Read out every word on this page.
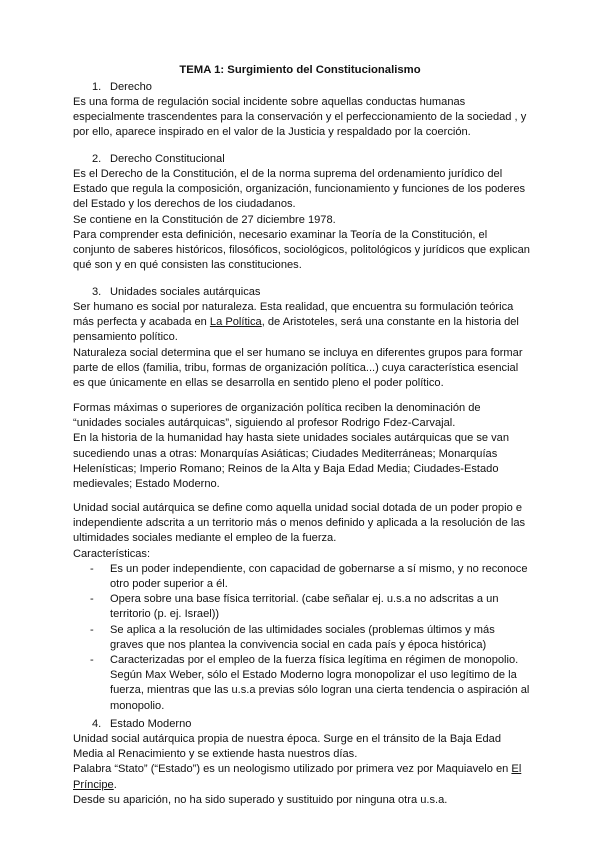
TEMA 1: Surgimiento del Constitucionalismo

1. Derecho

Es una forma de regulación social incidente sobre aquellas conductas humanas especialmente trascendentes para la conservación y el perfeccionamiento de la sociedad , y por ello, aparece inspirado en el valor de la Justicia y respaldado por la coerción.

2. Derecho Constitucional

Es el Derecho de la Constitución, el de la norma suprema del ordenamiento jurídico del Estado que regula la composición, organización, funcionamiento y funciones de los poderes del Estado y los derechos de los ciudadanos.

Se contiene en la Constitución de 27 diciembre 1978.

Para comprender esta definición, necesario examinar la Teoría de la Constitución, el conjunto de saberes históricos, filosóficos, sociológicos, politológicos y jurídicos que explican qué son y en qué consisten las constituciones.

3. Unidades sociales autárquicas

Ser humano es social por naturaleza. Esta realidad, que encuentra su formulación teórica más perfecta y acabada en La Política, de Aristoteles, será una constante en la historia del pensamiento político.

Naturaleza social determina que el ser humano se incluya en diferentes grupos para formar parte de ellos (familia, tribu, formas de organización política...) cuya característica esencial es que únicamente en ellas se desarrolla en sentido pleno el poder político.

Formas máximas o superiores de organización política reciben la denominación de “unidades sociales autárquicas”, siguiendo al profesor Rodrigo Fdez-Carvajal.

En la historia de la humanidad hay hasta siete unidades sociales autárquicas que se van sucediendo unas a otras: Monarquías Asiáticas; Ciudades Mediterráneas; Monarquías Helenísticas; Imperio Romano; Reinos de la Alta y Baja Edad Media; Ciudades-Estado medievales; Estado Moderno.

Unidad social autárquica se define como aquella unidad social dotada de un poder propio e independiente adscrita a un territorio más o menos definido y aplicada a la resolución de las ultimidades sociales mediante el empleo de la fuerza.

Características:

- Es un poder independiente, con capacidad de gobernarse a sí mismo, y no reconoce otro poder superior a él.
- Opera sobre una base física territorial. (cabe señalar ej. u.s.a no adscritas a un territorio (p. ej. Israel))
- Se aplica a la resolución de las ultimidades sociales (problemas últimos y más graves que nos plantea la convivencia social en cada país y época histórica)
- Caracterizadas por el empleo de la fuerza física legítima en régimen de monopolio. Según Max Weber, sólo el Estado Moderno logra monopolizar el uso legítimo de la fuerza, mientras que las u.s.a previas sólo logran una cierta tendencia o aspiración al monopolio.

4. Estado Moderno

Unidad social autárquica propia de nuestra época. Surge en el tránsito de la Baja Edad Media al Renacimiento y se extiende hasta nuestros días.

Palabra “Stato” (“Estado”) es un neologismo utilizado por primera vez por Maquiavelo en El Príncipe.

Desde su aparición, no ha sido superado y sustituido por ninguna otra u.s.a.
